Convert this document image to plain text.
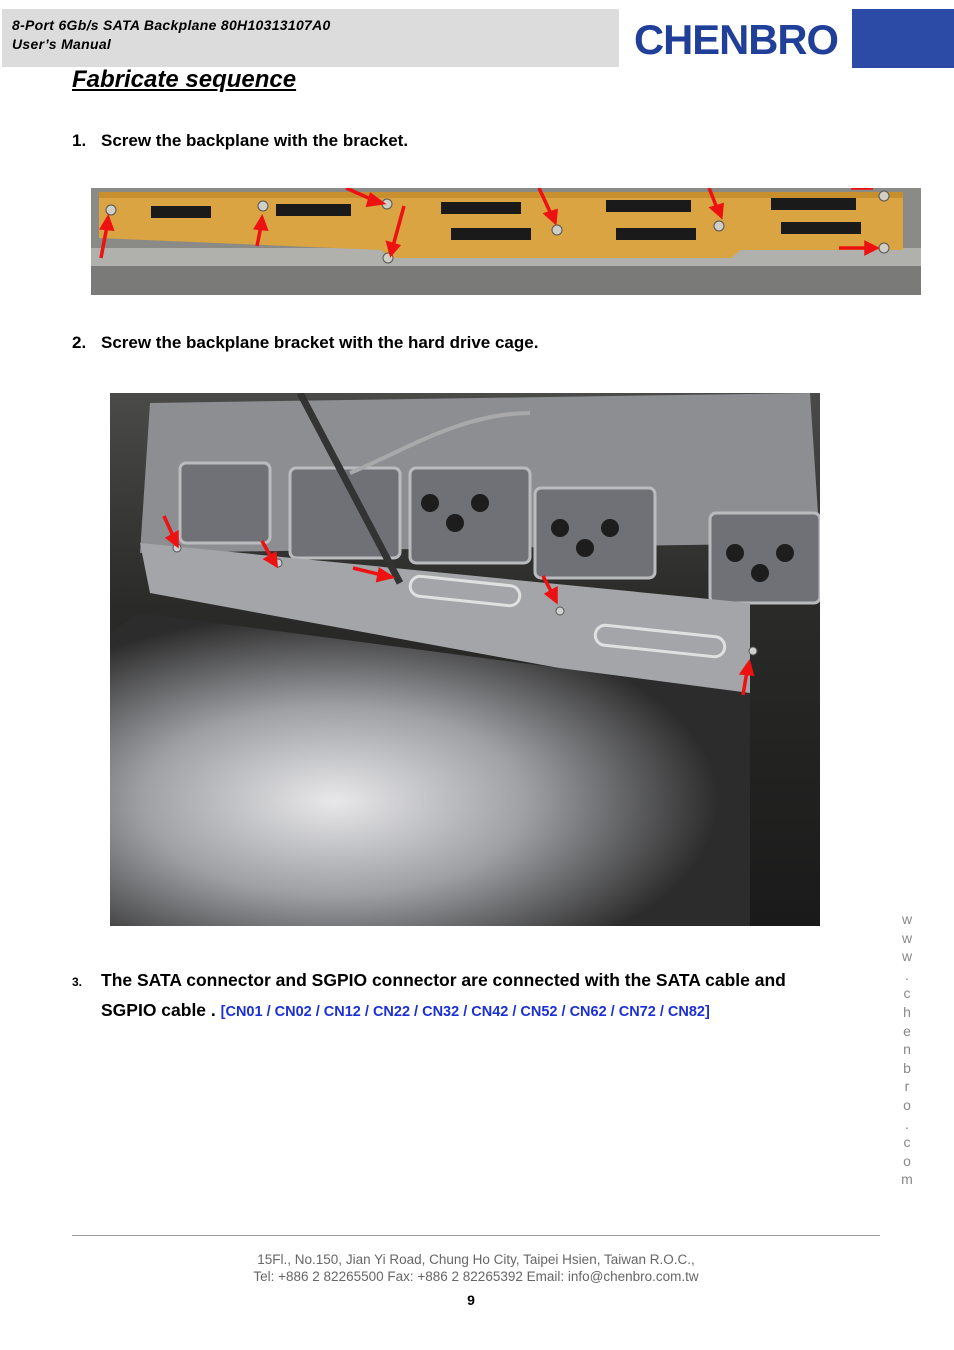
8-Port 6Gb/s SATA Backplane 80H10313107A0
User’s Manual	CHENBRO
Fabricate sequence
1. Screw the backplane with the bracket.
2. Screw the backplane bracket with the hard drive cage.
3. The SATA connector and SGPIO connector are connected with the SATA cable and
SGPIO cable . [CN01 / CN02 / CN12 / CN22 / CN32 / CN42 / CN52 / CN62 / CN72 / CN82]
w
w
w
.
c
h
e
n
b
r
o
.
c
o
m
15Fl., No.150, Jian Yi Road, Chung Ho City, Taipei Hsien, Taiwan R.O.C.,
Tel: +886 2 82265500 Fax: +886 2 82265392 Email: info@chenbro.com.tw
9
